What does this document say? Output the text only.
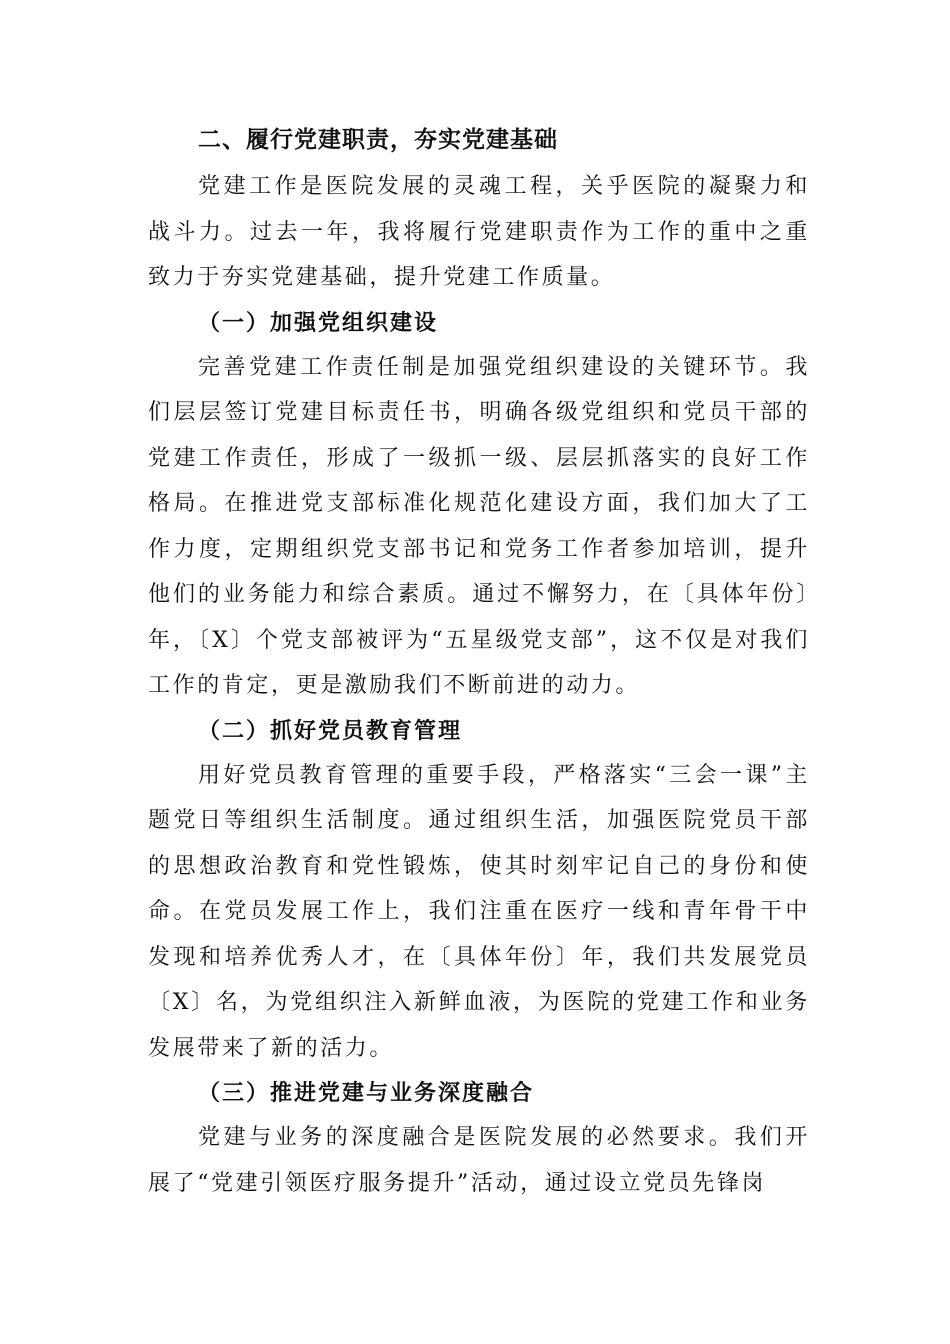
二、履行党建职责，夯实党建基础

党建工作是医院发展的灵魂工程，关乎医院的凝聚力和战斗力。过去一年，我将履行党建职责作为工作的重中之重致力于夯实党建基础，提升党建工作质量。

（一）加强党组织建设

完善党建工作责任制是加强党组织建设的关键环节。我们层层签订党建目标责任书，明确各级党组织和党员干部的党建工作责任，形成了一级抓一级、层层抓落实的良好工作格局。在推进党支部标准化规范化建设方面，我们加大了工作力度，定期组织党支部书记和党务工作者参加培训，提升他们的业务能力和综合素质。通过不懈努力，在〔具体年份〕年，〔X〕个党支部被评为“五星级党支部”，这不仅是对我们工作的肯定，更是激励我们不断前进的动力。

（二）抓好党员教育管理

用好党员教育管理的重要手段，严格落实“三会一课”主题党日等组织生活制度。通过组织生活，加强医院党员干部的思想政治教育和党性锻炼，使其时刻牢记自己的身份和使命。在党员发展工作上，我们注重在医疗一线和青年骨干中发现和培养优秀人才，在〔具体年份〕年，我们共发展党员〔X〕名，为党组织注入新鲜血液，为医院的党建工作和业务发展带来了新的活力。

（三）推进党建与业务深度融合

党建与业务的深度融合是医院发展的必然要求。我们开展了“党建引领医疗服务提升”活动，通过设立党员先锋岗
